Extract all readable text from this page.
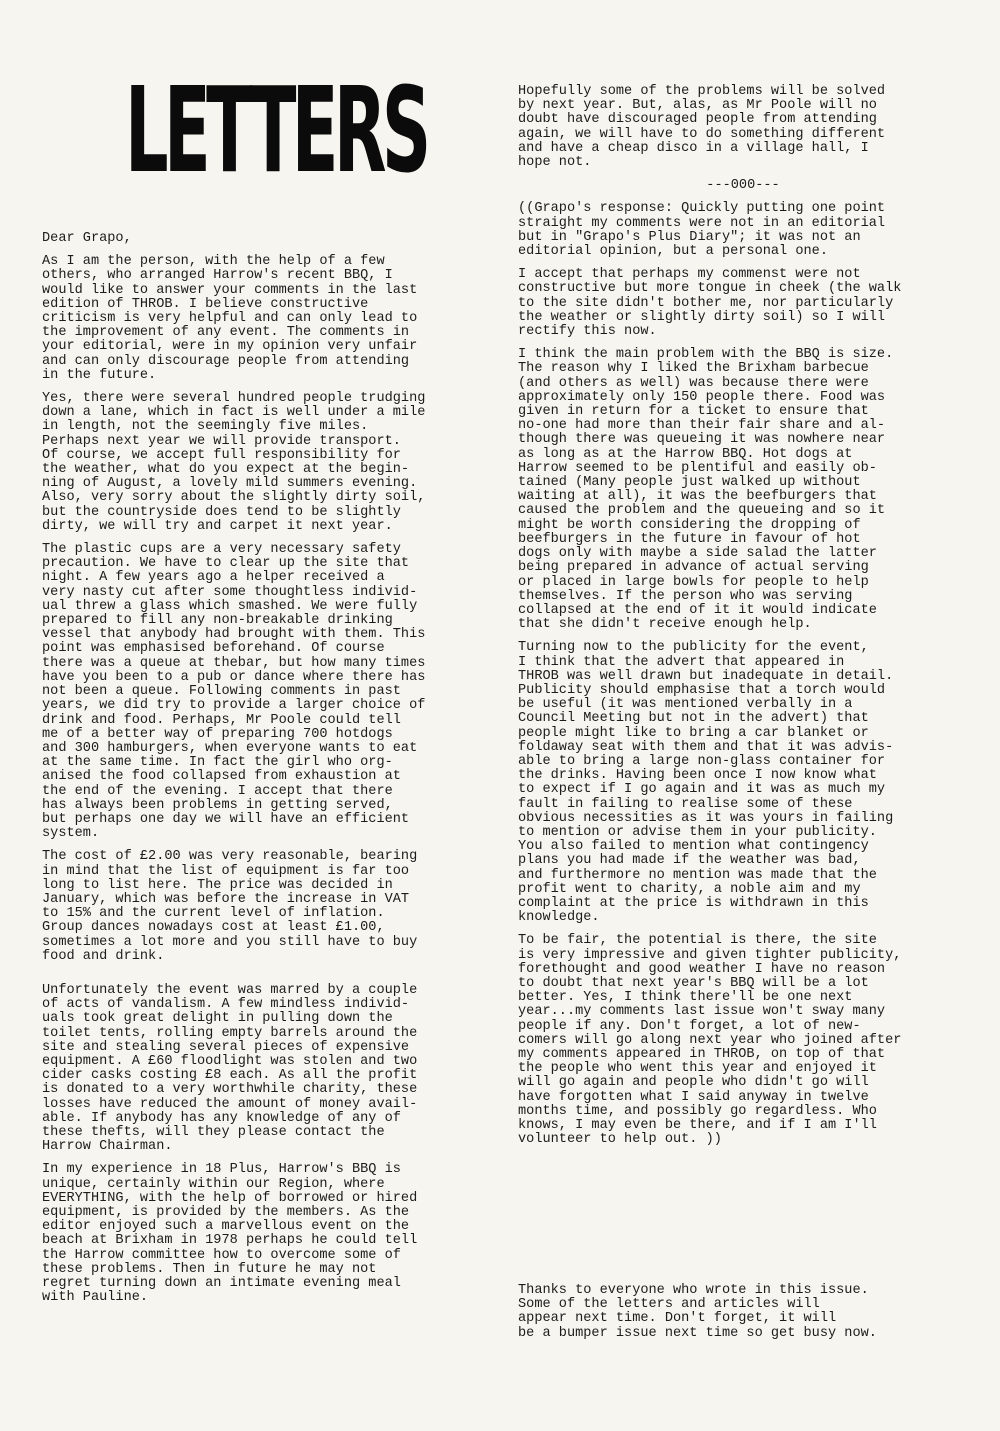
LETTERS

Dear Grapo,

As I am the person, with the help of a few
others, who arranged Harrow's recent BBQ, I
would like to answer your comments in the last
edition of THROB. I believe constructive
criticism is very helpful and can only lead to
the improvement of any event. The comments in
your editorial, were in my opinion very unfair
and can only discourage people from attending
in the future.

Yes, there were several hundred people trudging
down a lane, which in fact is well under a mile
in length, not the seemingly five miles.
Perhaps next year we will provide transport.
Of course, we accept full responsibility for
the weather, what do you expect at the begin-
ning of August, a lovely mild summers evening.
Also, very sorry about the slightly dirty soil,
but the countryside does tend to be slightly
dirty, we will try and carpet it next year.

The plastic cups are a very necessary safety
precaution. We have to clear up the site that
night. A few years ago a helper received a
very nasty cut after some thoughtless individ-
ual threw a glass which smashed. We were fully
prepared to fill any non-breakable drinking
vessel that anybody had brought with them. This
point was emphasised beforehand. Of course
there was a queue at thebar, but how many times
have you been to a pub or dance where there has
not been a queue. Following comments in past
years, we did try to provide a larger choice of
drink and food. Perhaps, Mr Poole could tell
me of a better way of preparing 700 hotdogs
and 300 hamburgers, when everyone wants to eat
at the same time. In fact the girl who org-
anised the food collapsed from exhaustion at
the end of the evening. I accept that there
has always been problems in getting served,
but perhaps one day we will have an efficient
system.

The cost of £2.00 was very reasonable, bearing
in mind that the list of equipment is far too
long to list here. The price was decided in
January, which was before the increase in VAT
to 15% and the current level of inflation.
Group dances nowadays cost at least £1.00,
sometimes a lot more and you still have to buy
food and drink.

Unfortunately the event was marred by a couple
of acts of vandalism. A few mindless individ-
uals took great delight in pulling down the
toilet tents, rolling empty barrels around the
site and stealing several pieces of expensive
equipment. A £60 floodlight was stolen and two
cider casks costing £8 each. As all the profit
is donated to a very worthwhile charity, these
losses have reduced the amount of money avail-
able. If anybody has any knowledge of any of
these thefts, will they please contact the
Harrow Chairman.

In my experience in 18 Plus, Harrow's BBQ is
unique, certainly within our Region, where
EVERYTHING, with the help of borrowed or hired
equipment, is provided by the members. As the
editor enjoyed such a marvellous event on the
beach at Brixham in 1978 perhaps he could tell
the Harrow committee how to overcome some of
these problems. Then in future he may not
regret turning down an intimate evening meal
with Pauline.

Hopefully some of the problems will be solved
by next year. But, alas, as Mr Poole will no
doubt have discouraged people from attending
again, we will have to do something different
and have a cheap disco in a village hall, I
hope not.

---000---

((Grapo's response: Quickly putting one point
straight my comments were not in an editorial
but in "Grapo's Plus Diary"; it was not an
editorial opinion, but a personal one.

I accept that perhaps my commenst were not
constructive but more tongue in cheek (the walk
to the site didn't bother me, nor particularly
the weather or slightly dirty soil) so I will
rectify this now.

I think the main problem with the BBQ is size.
The reason why I liked the Brixham barbecue
(and others as well) was because there were
approximately only 150 people there. Food was
given in return for a ticket to ensure that
no-one had more than their fair share and al-
though there was queueing it was nowhere near
as long as at the Harrow BBQ. Hot dogs at
Harrow seemed to be plentiful and easily ob-
tained (Many people just walked up without
waiting at all), it was the beefburgers that
caused the problem and the queueing and so it
might be worth considering the dropping of
beefburgers in the future in favour of hot
dogs only with maybe a side salad the latter
being prepared in advance of actual serving
or placed in large bowls for people to help
themselves. If the person who was serving
collapsed at the end of it it would indicate
that she didn't receive enough help.

Turning now to the publicity for the event,
I think that the advert that appeared in
THROB was well drawn but inadequate in detail.
Publicity should emphasise that a torch would
be useful (it was mentioned verbally in a
Council Meeting but not in the advert) that
people might like to bring a car blanket or
foldaway seat with them and that it was advis-
able to bring a large non-glass container for
the drinks. Having been once I now know what
to expect if I go again and it was as much my
fault in failing to realise some of these
obvious necessities as it was yours in failing
to mention or advise them in your publicity.
You also failed to mention what contingency
plans you had made if the weather was bad,
and furthermore no mention was made that the
profit went to charity, a noble aim and my
complaint at the price is withdrawn in this
knowledge.

To be fair, the potential is there, the site
is very impressive and given tighter publicity,
forethought and good weather I have no reason
to doubt that next year's BBQ will be a lot
better. Yes, I think there'll be one next
year...my comments last issue won't sway many
people if any. Don't forget, a lot of new-
comers will go along next year who joined after
my comments appeared in THROB, on top of that
the people who went this year and enjoyed it
will go again and people who didn't go will
have forgotten what I said anyway in twelve
months time, and possibly go regardless. Who
knows, I may even be there, and if I am I'll
volunteer to help out. ))

Thanks to everyone who wrote in this issue.
Some of the letters and articles will
appear next time. Don't forget, it will
be a bumper issue next time so get busy now.
